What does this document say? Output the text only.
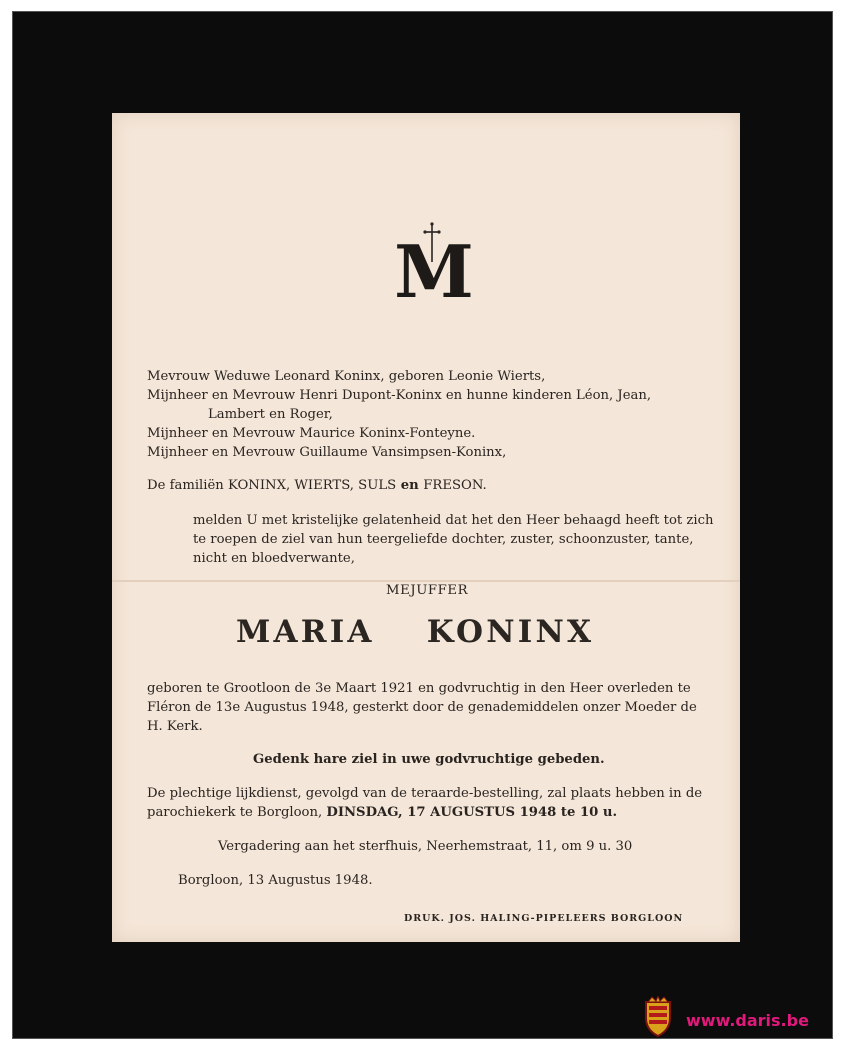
M
Mevrouw Weduwe Leonard Koninx, geboren Leonie Wierts,
Mijnheer en Mevrouw Henri Dupont-Koninx en hunne kinderen Léon, Jean,
Lambert en Roger,
Mijnheer en Mevrouw Maurice Koninx-Fonteyne.
Mijnheer en Mevrouw Guillaume Vansimpsen-Koninx,
De familiën KONINX, WIERTS, SULS en FRESON.
melden U met kristelijke gelatenheid dat het den Heer behaagd heeft tot zich
te roepen de ziel van hun teergeliefde dochter, zuster, schoonzuster, tante,
nicht en bloedverwante,
MEJUFFER
MARIA KONINX
geboren te Grootloon de 3e Maart 1921 en godvruchtig in den Heer overleden te
Fléron de 13e Augustus 1948, gesterkt door de genademiddelen onzer Moeder de
H. Kerk.
Gedenk hare ziel in uwe godvruchtige gebeden.
De plechtige lijkdienst, gevolgd van de teraarde-bestelling, zal plaats hebben in de
parochiekerk te Borgloon, DINSDAG, 17 AUGUSTUS 1948 te 10 u.
Vergadering aan het sterfhuis, Neerhemstraat, 11, om 9 u. 30
Borgloon, 13 Augustus 1948.
DRUK. JOS. HALING-PIPELEERS BORGLOON
www.daris.be
